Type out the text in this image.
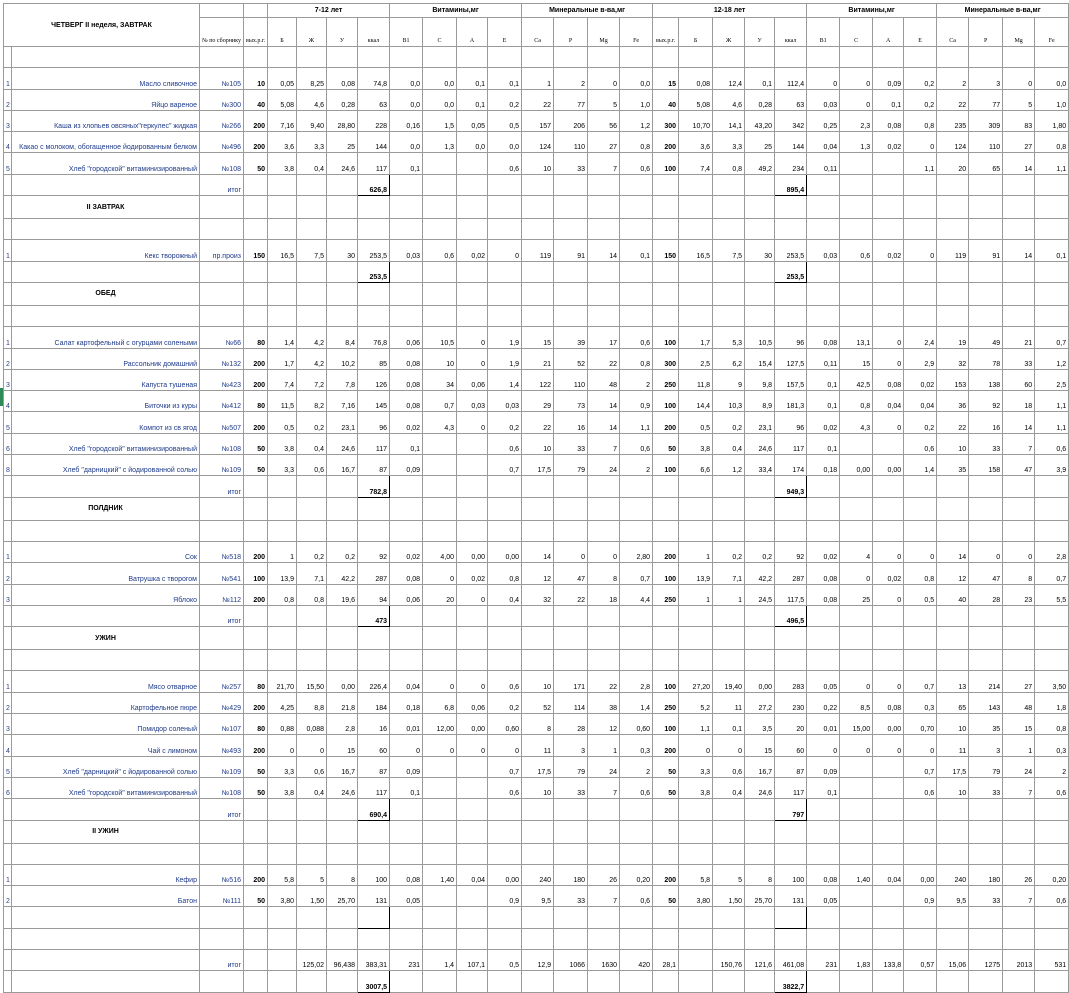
ЧЕТВЕРГ II неделя, ЗАВТРАК				7-12 лет				Витамины,мг				Минеральные в-ва,мг				12-18 лет					Витамины,мг				Минеральные в-ва,мг				
		№ по сборнику	вых.р.г.	Б	Ж	У	ккал	В1	С	А	Е	Са	Р	Мg	Fe	вых.р.г.	Б	Ж	У	ккал	В1	С	А	Е	Са	Р	Мg	Fe	

1	Масло сливочное	№105	10	0,05	8,25	0,08	74,8	0,0	0,0	0,1	0,1	1	2	0	0,0	15	0,08	12,4	0,1	112,4	0	0	0,09	0,2	2	3	0	0,0	
2	Яйцо вареное	№300	40	5,08	4,6	0,28	63	0,0	0,0	0,1	0,2	22	77	5	1,0	40	5,08	4,6	0,28	63	0,03	0	0,1	0,2	22	77	5	1,0	
3	Каша из хлопьев овсяных"геркулес" жидкая	№266	200	7,16	9,40	28,80	228	0,16	1,5	0,05	0,5	157	206	56	1,2	300	10,70	14,1	43,20	342	0,25	2,3	0,08	0,8	235	309	83	1,80	
4	Какао с молоком, обогащенное йодированным белком	№496	200	3,6	3,3	25	144	0,0	1,3	0,0	0,0	124	110	27	0,8	200	3,6	3,3	25	144	0,04	1,3	0,02	0	124	110	27	0,8	
5	Хлеб "городской" витаминизированный	№108	50	3,8	0,4	24,6	117	0,1			0,6	10	33	7	0,6	100	7,4	0,8	49,2	234	0,11			1,1	20	65	14	1,1	
		итог					626,8													895,4									
	II ЗАВТРАК																												

1	Кекс творожный	пр.произ	150	16,5	7,5	30	253,5	0,03	0,6	0,02	0	119	91	14	0,1	150	16,5	7,5	30	253,5	0,03	0,6	0,02	0	119	91	14	0,1	
							253,5													253,5									
	ОБЕД																												

1	Салат картофельный с огурцами солеными	№66	80	1,4	4,2	8,4	76,8	0,06	10,5	0	1,9	15	39	17	0,6	100	1,7	5,3	10,5	96	0,08	13,1	0	2,4	19	49	21	0,7	
2	Рассольник домашний	№132	200	1,7	4,2	10,2	85	0,08	10	0	1,9	21	52	22	0,8	300	2,5	6,2	15,4	127,5	0,11	15	0	2,9	32	78	33	1,2	
3	Капуста тушеная	№423	200	7,4	7,2	7,8	126	0,08	34	0,06	1,4	122	110	48	2	250	11,8	9	9,8	157,5	0,1	42,5	0,08	0,02	153	138	60	2,5	
4	Биточки из куры	№412	80	11,5	8,2	7,16	145	0,08	0,7	0,03	0,03	29	73	14	0,9	100	14,4	10,3	8,9	181,3	0,1	0,8	0,04	0,04	36	92	18	1,1	
5	Компот из св ягод	№507	200	0,5	0,2	23,1	96	0,02	4,3	0	0,2	22	16	14	1,1	200	0,5	0,2	23,1	96	0,02	4,3	0	0,2	22	16	14	1,1	
6	Хлеб "городской" витаминизированный	№108	50	3,8	0,4	24,6	117	0,1			0,6	10	33	7	0,6	50	3,8	0,4	24,6	117	0,1			0,6	10	33	7	0,6	
8	Хлеб "дарницкий" с йодированной солью	№109	50	3,3	0,6	16,7	87	0,09			0,7	17,5	79	24	2	100	6,6	1,2	33,4	174	0,18	0,00	0,00	1,4	35	158	47	3,9	
		итог					782,8													949,3									
	ПОЛДНИК																												

1	Сок	№518	200	1	0,2	0,2	92	0,02	4,00	0,00	0,00	14	0	0	2,80	200	1	0,2	0,2	92	0,02	4	0	0	14	0	0	2,8	
2	Ватрушка с творогом	№541	100	13,9	7,1	42,2	287	0,08	0	0,02	0,8	12	47	8	0,7	100	13,9	7,1	42,2	287	0,08	0	0,02	0,8	12	47	8	0,7	
3	Яблоко	№112	200	0,8	0,8	19,6	94	0,06	20	0	0,4	32	22	18	4,4	250	1	1	24,5	117,5	0,08	25	0	0,5	40	28	23	5,5	
		итог					473													496,5									
	УЖИН																												

1	Мясо отварное	№257	80	21,70	15,50	0,00	226,4	0,04	0	0	0,6	10	171	22	2,8	100	27,20	19,40	0,00	283	0,05	0	0	0,7	13	214	27	3,50	
2	Картофельное пюре	№429	200	4,25	8,8	21,8	184	0,18	6,8	0,06	0,2	52	114	38	1,4	250	5,2	11	27,2	230	0,22	8,5	0,08	0,3	65	143	48	1,8	
3	Помидор соленый	№107	80	0,88	0,088	2,8	16	0,01	12,00	0,00	0,60	8	28	12	0,60	100	1,1	0,1	3,5	20	0,01	15,00	0,00	0,70	10	35	15	0,8	
4	Чай с лимоном	№493	200	0	0	15	60	0	0	0	0	11	3	1	0,3	200	0	0	15	60	0	0	0	0	11	3	1	0,3	
5	Хлеб "дарницкий" с йодированной солью	№109	50	3,3	0,6	16,7	87	0,09			0,7	17,5	79	24	2	50	3,3	0,6	16,7	87	0,09			0,7	17,5	79	24	2	
6	Хлеб "городской" витаминизированный	№108	50	3,8	0,4	24,6	117	0,1			0,6	10	33	7	0,6	50	3,8	0,4	24,6	117	0,1			0,6	10	33	7	0,6	
		итог					690,4													797									
	II УЖИН																												

1	Кефир	№516	200	5,8	5	8	100	0,08	1,40	0,04	0,00	240	180	26	0,20	200	5,8	5	8	100	0,08	1,40	0,04	0,00	240	180	26	0,20	
2	Батон	№111	50	3,80	1,50	25,70	131	0,05			0,9	9,5	33	7	0,6	50	3,80	1,50	25,70	131	0,05			0,9	9,5	33	7	0,6	

		итог			125,02	96,438	383,31	231	1,4	107,1	0,5	12,9	1066	1630	420	28,1		150,76	121,6	461,08	231	1,83	133,8	0,57	15,06	1275	2013	531	
							3007,5													3822,7									
